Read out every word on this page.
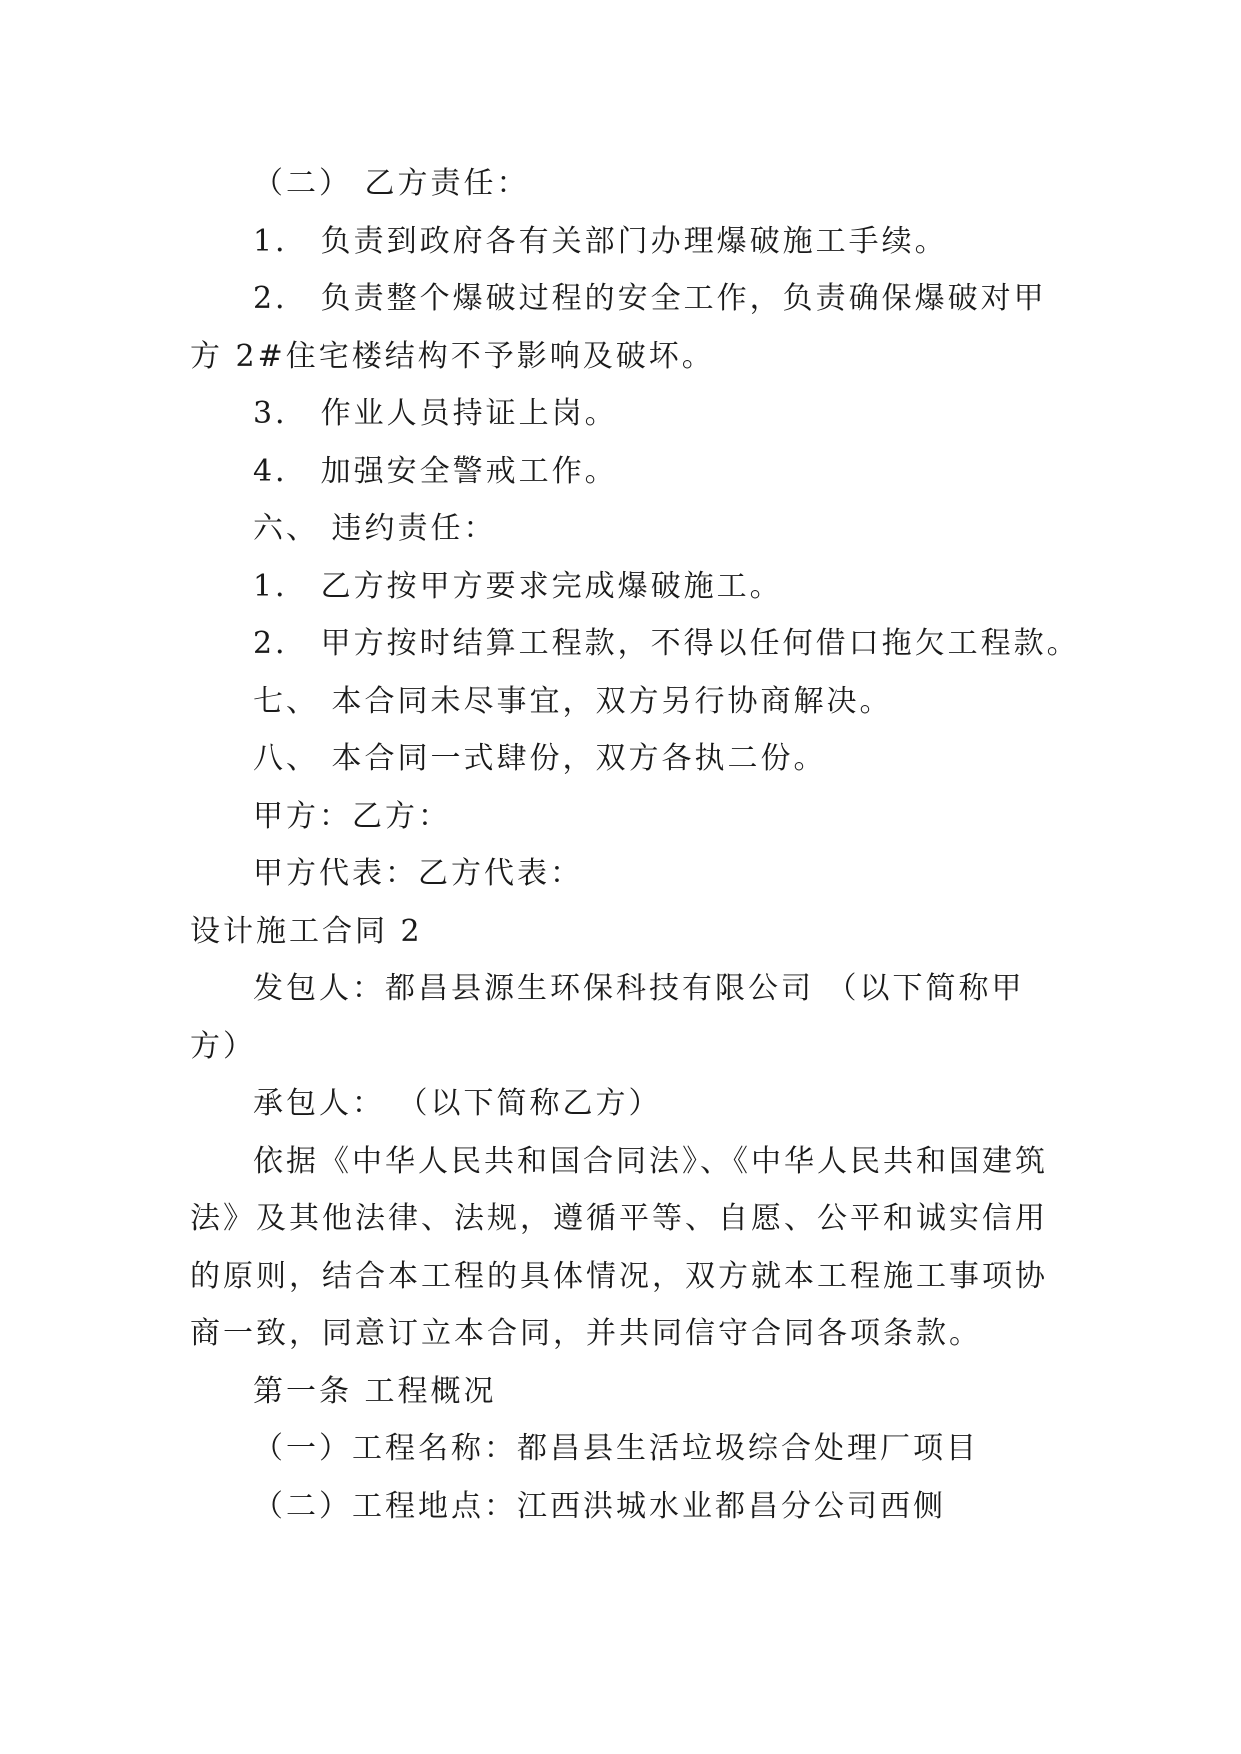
（二） 乙方责任：
1． 负责到政府各有关部门办理爆破施工手续。
2． 负责整个爆破过程的安全工作，负责确保爆破对甲
方 2#住宅楼结构不予影响及破坏。
3． 作业人员持证上岗。
4． 加强安全警戒工作。
六、 违约责任：
1． 乙方按甲方要求完成爆破施工。
2． 甲方按时结算工程款，不得以任何借口拖欠工程款。
七、 本合同未尽事宜，双方另行协商解决。
八、 本合同一式肆份，双方各执二份。
甲方：乙方：
甲方代表：乙方代表：
设计施工合同 2
发包人：都昌县源生环保科技有限公司 （以下简称甲
方）
承包人： （以下简称乙方）
依据《中华人民共和国合同法》、《中华人民共和国建筑
法》及其他法律、法规，遵循平等、自愿、公平和诚实信用
的原则，结合本工程的具体情况，双方就本工程施工事项协
商一致，同意订立本合同，并共同信守合同各项条款。
第一条 工程概况
（一）工程名称：都昌县生活垃圾综合处理厂项目
（二）工程地点：江西洪城水业都昌分公司西侧
